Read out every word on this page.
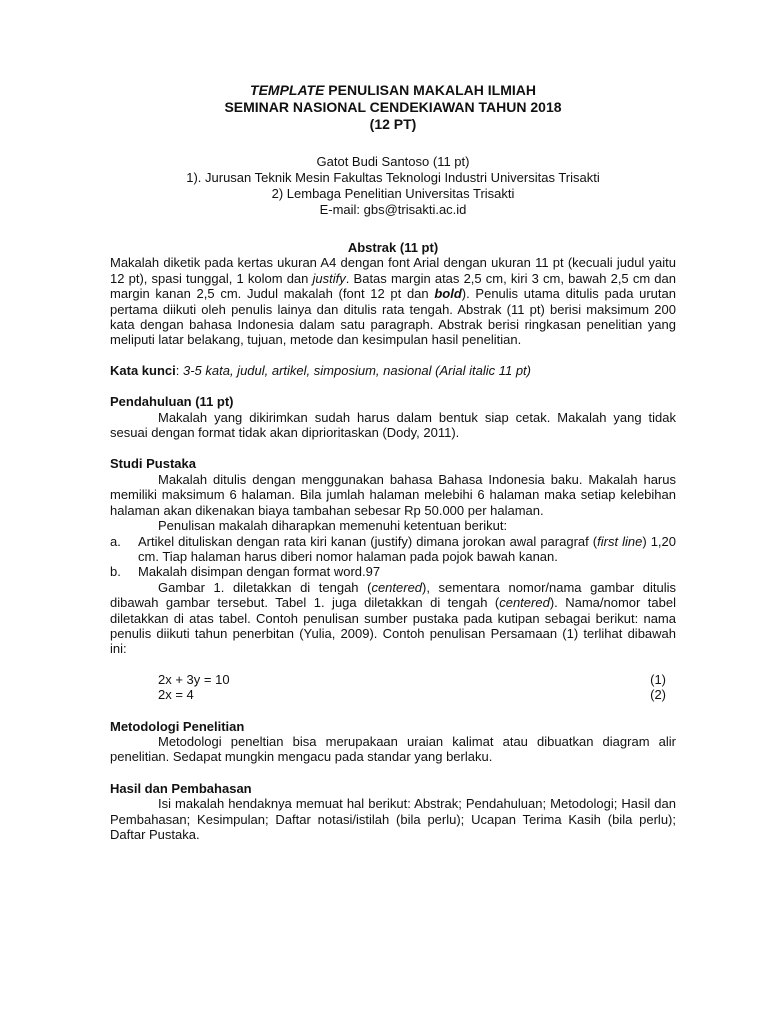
TEMPLATE PENULISAN MAKALAH ILMIAH
SEMINAR NASIONAL CENDEKIAWAN TAHUN 2018
(12 PT)
Gatot Budi Santoso (11 pt)
1). Jurusan Teknik Mesin Fakultas Teknologi Industri Universitas Trisakti
2) Lembaga Penelitian Universitas Trisakti
E-mail: gbs@trisakti.ac.id
Abstrak (11 pt)

Makalah diketik pada kertas ukuran A4 dengan font Arial dengan ukuran 11 pt (kecuali judul yaitu 12 pt), spasi tunggal, 1 kolom dan justify. Batas margin atas 2,5 cm, kiri 3 cm, bawah 2,5 cm dan margin kanan 2,5 cm. Judul makalah (font 12 pt dan bold). Penulis utama ditulis pada urutan pertama diikuti oleh penulis lainya dan ditulis rata tengah. Abstrak (11 pt) berisi maksimum 200 kata dengan bahasa Indonesia dalam satu paragraph. Abstrak berisi ringkasan penelitian yang meliputi latar belakang, tujuan, metode dan kesimpulan hasil penelitian.

Kata kunci: 3-5 kata, judul, artikel, simposium, nasional (Arial italic 11 pt)

Pendahuluan (11 pt)

Makalah yang dikirimkan sudah harus dalam bentuk siap cetak. Makalah yang tidak sesuai dengan format tidak akan diprioritaskan (Dody, 2011).

Studi Pustaka

Makalah ditulis dengan menggunakan bahasa Bahasa Indonesia baku. Makalah harus memiliki maksimum 6 halaman. Bila jumlah halaman melebihi 6 halaman maka setiap kelebihan halaman akan dikenakan biaya tambahan sebesar Rp 50.000 per halaman.

Penulisan makalah diharapkan memenuhi ketentuan berikut:

a.	Artikel dituliskan dengan rata kiri kanan (justify) dimana jorokan awal paragraf (first line) 1,20 cm. Tiap halaman harus diberi nomor halaman pada pojok bawah kanan.
b.	Makalah disimpan dengan format word.97

Gambar 1. diletakkan di tengah (centered), sementara nomor/nama gambar ditulis dibawah gambar tersebut. Tabel 1. juga diletakkan di tengah (centered). Nama/nomor tabel diletakkan di atas tabel. Contoh penulisan sumber pustaka pada kutipan sebagai berikut: nama penulis diikuti tahun penerbitan (Yulia, 2009). Contoh penulisan Persamaan (1) terlihat dibawah ini:

2x + 3y = 10	(1)
2x = 4	(2)
Metodologi Penelitian

Metodologi peneltian bisa merupakaan uraian kalimat atau dibuatkan diagram alir penelitian. Sedapat mungkin mengacu pada standar yang berlaku.

Hasil dan Pembahasan

Isi makalah hendaknya memuat hal berikut: Abstrak; Pendahuluan; Metodologi; Hasil dan Pembahasan; Kesimpulan; Daftar notasi/istilah (bila perlu); Ucapan Terima Kasih (bila perlu); Daftar Pustaka.
